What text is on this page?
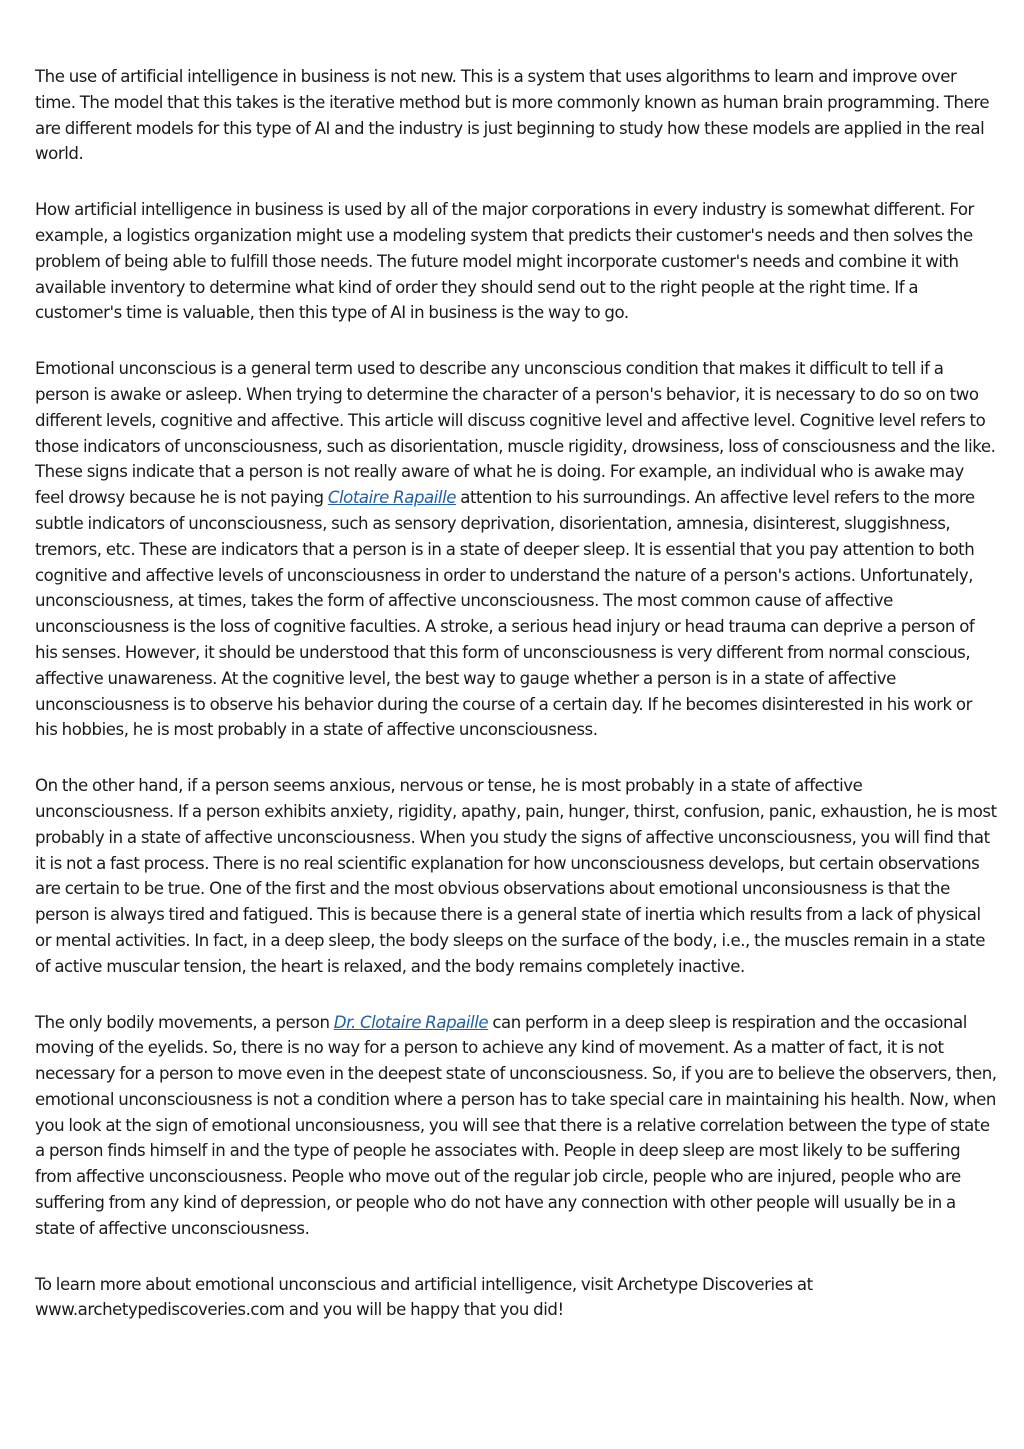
The use of artificial intelligence in business is not new. This is a system that uses algorithms to learn and improve over time. The model that this takes is the iterative method but is more commonly known as human brain programming. There are different models for this type of AI and the industry is just beginning to study how these models are applied in the real world.

How artificial intelligence in business is used by all of the major corporations in every industry is somewhat different. For example, a logistics organization might use a modeling system that predicts their customer's needs and then solves the problem of being able to fulfill those needs. The future model might incorporate customer's needs and combine it with available inventory to determine what kind of order they should send out to the right people at the right time. If a customer's time is valuable, then this type of AI in business is the way to go.

Emotional unconscious is a general term used to describe any unconscious condition that makes it difficult to tell if a person is awake or asleep. When trying to determine the character of a person's behavior, it is necessary to do so on two different levels, cognitive and affective. This article will discuss cognitive level and affective level. Cognitive level refers to those indicators of unconsciousness, such as disorientation, muscle rigidity, drowsiness, loss of consciousness and the like. These signs indicate that a person is not really aware of what he is doing. For example, an individual who is awake may feel drowsy because he is not paying Clotaire Rapaille attention to his surroundings. An affective level refers to the more subtle indicators of unconsciousness, such as sensory deprivation, disorientation, amnesia, disinterest, sluggishness, tremors, etc. These are indicators that a person is in a state of deeper sleep. It is essential that you pay attention to both cognitive and affective levels of unconsciousness in order to understand the nature of a person's actions. Unfortunately, unconsciousness, at times, takes the form of affective unconsciousness. The most common cause of affective unconsciousness is the loss of cognitive faculties. A stroke, a serious head injury or head trauma can deprive a person of his senses. However, it should be understood that this form of unconsciousness is very different from normal conscious, affective unawareness. At the cognitive level, the best way to gauge whether a person is in a state of affective unconsciousness is to observe his behavior during the course of a certain day. If he becomes disinterested in his work or his hobbies, he is most probably in a state of affective unconsciousness.

On the other hand, if a person seems anxious, nervous or tense, he is most probably in a state of affective unconsciousness. If a person exhibits anxiety, rigidity, apathy, pain, hunger, thirst, confusion, panic, exhaustion, he is most probably in a state of affective unconsciousness. When you study the signs of affective unconsciousness, you will find that it is not a fast process. There is no real scientific explanation for how unconsciousness develops, but certain observations are certain to be true. One of the first and the most obvious observations about emotional unconsiousness is that the person is always tired and fatigued. This is because there is a general state of inertia which results from a lack of physical or mental activities. In fact, in a deep sleep, the body sleeps on the surface of the body, i.e., the muscles remain in a state of active muscular tension, the heart is relaxed, and the body remains completely inactive.

The only bodily movements, a person Dr. Clotaire Rapaille can perform in a deep sleep is respiration and the occasional moving of the eyelids. So, there is no way for a person to achieve any kind of movement. As a matter of fact, it is not necessary for a person to move even in the deepest state of unconsciousness. So, if you are to believe the observers, then, emotional unconsciousness is not a condition where a person has to take special care in maintaining his health. Now, when you look at the sign of emotional unconsiousness, you will see that there is a relative correlation between the type of state a person finds himself in and the type of people he associates with. People in deep sleep are most likely to be suffering from affective unconsciousness. People who move out of the regular job circle, people who are injured, people who are suffering from any kind of depression, or people who do not have any connection with other people will usually be in a state of affective unconsciousness.

To learn more about emotional unconscious and artificial intelligence, visit Archetype Discoveries at www.archetypediscoveries.com and you will be happy that you did!
